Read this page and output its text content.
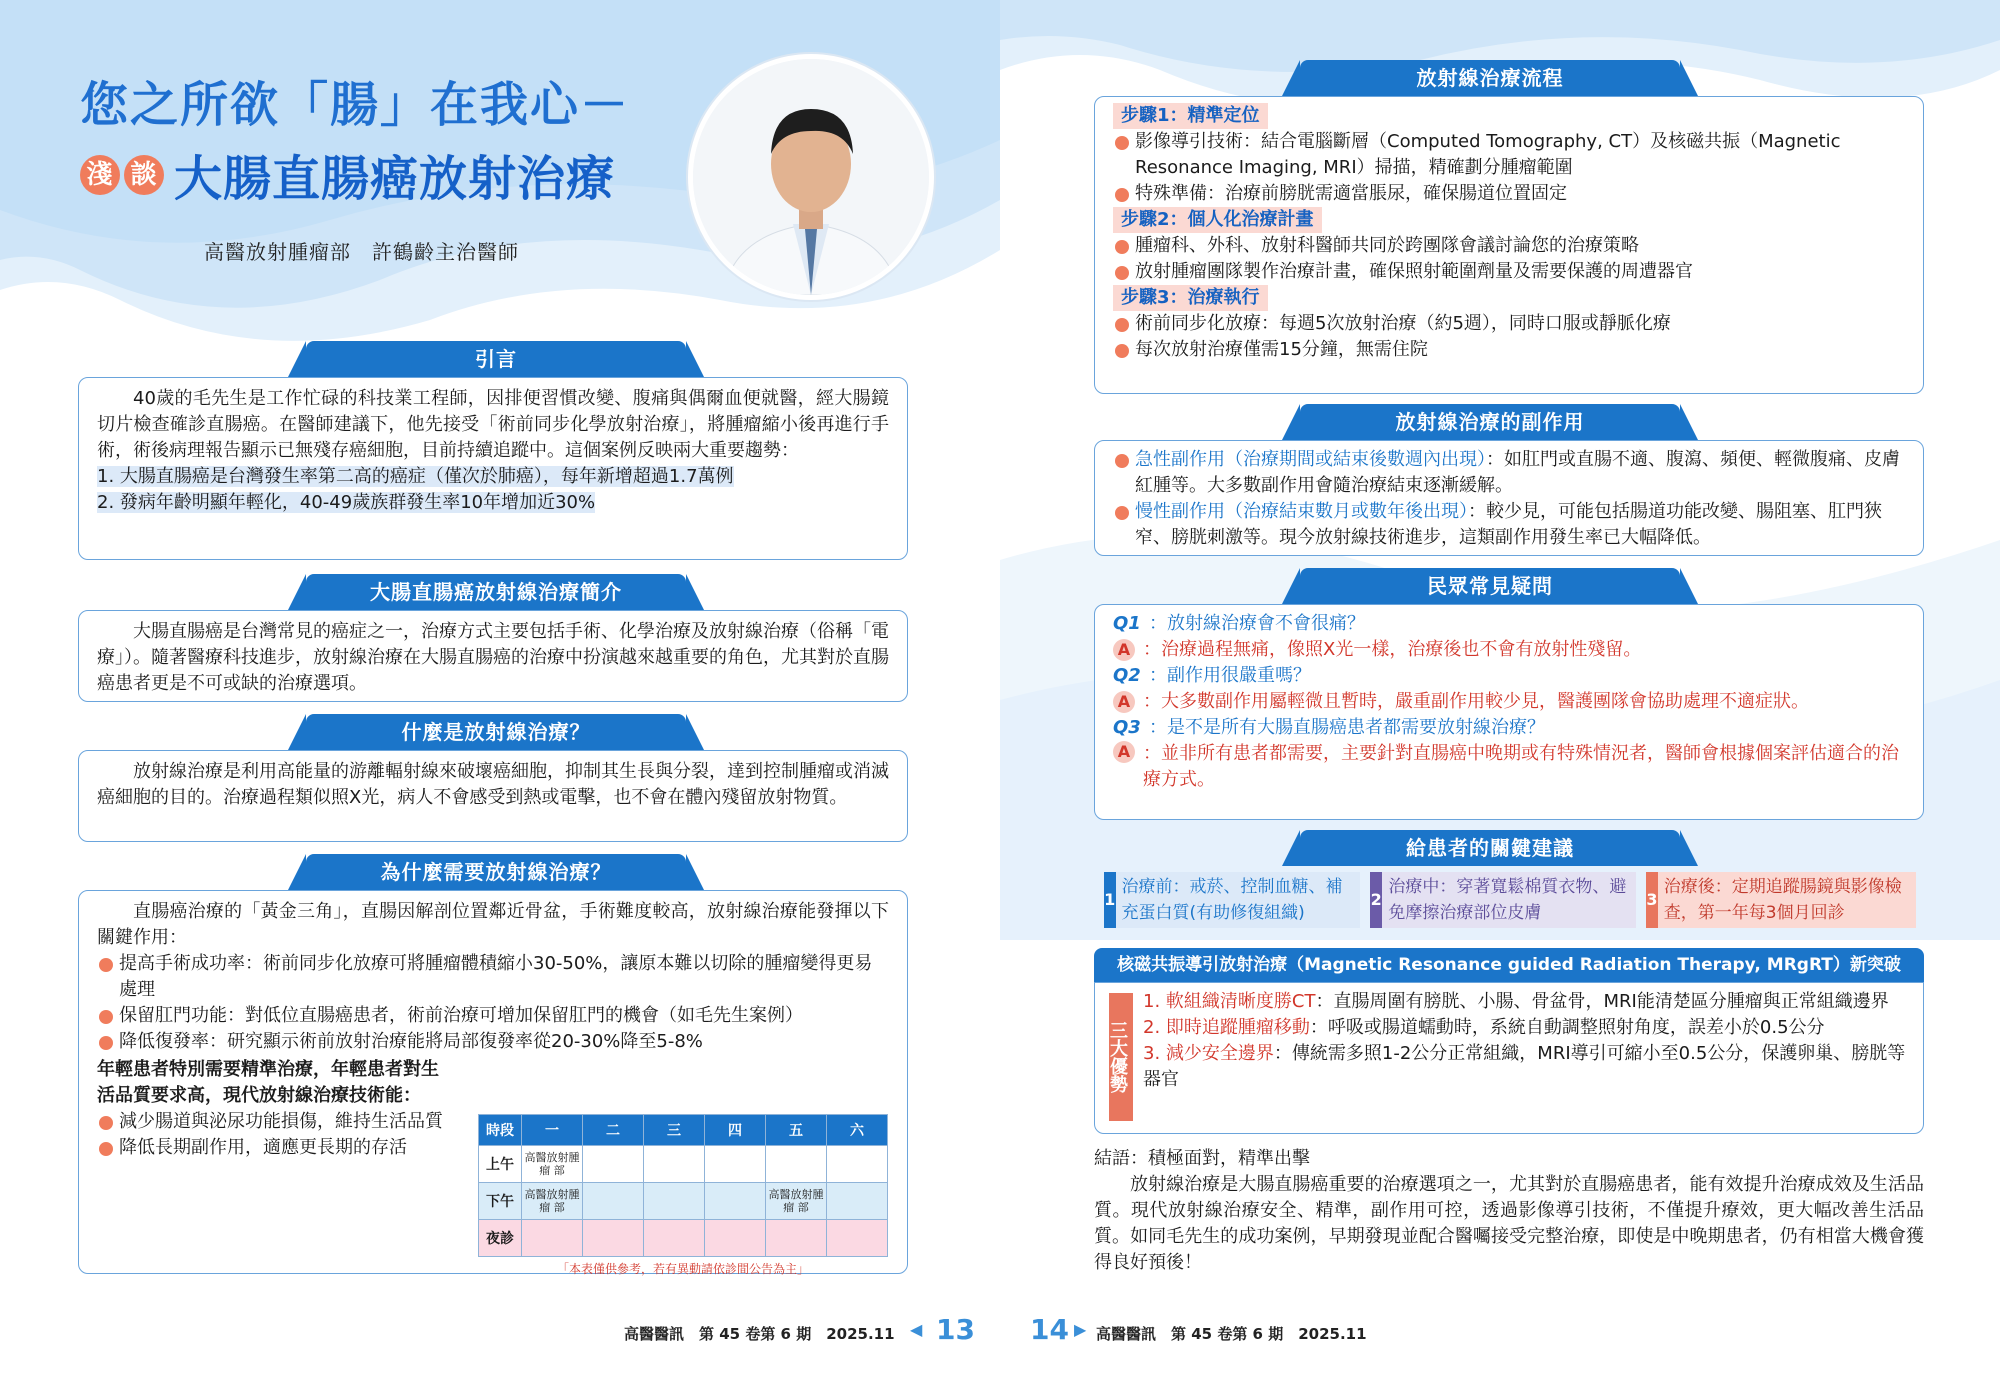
您之所欲「腸」在我心－
淺 談 大腸直腸癌放射治療
高醫放射腫瘤部　許鶴齡主治醫師
引言
40歲的毛先生是工作忙碌的科技業工程師，因排便習慣改變、腹痛與偶爾血便就醫，經大腸鏡切片檢查確診直腸癌。在醫師建議下，他先接受「術前同步化學放射治療」，將腫瘤縮小後再進行手術，術後病理報告顯示已無殘存癌細胞，目前持續追蹤中。這個案例反映兩大重要趨勢：
1. 大腸直腸癌是台灣發生率第二高的癌症（僅次於肺癌），每年新增超過1.7萬例
2. 發病年齡明顯年輕化，40-49歲族群發生率10年增加近30%
大腸直腸癌放射線治療簡介
大腸直腸癌是台灣常見的癌症之一，治療方式主要包括手術、化學治療及放射線治療（俗稱「電療」）。隨著醫療科技進步，放射線治療在大腸直腸癌的治療中扮演越來越重要的角色，尤其對於直腸癌患者更是不可或缺的治療選項。
什麼是放射線治療？
放射線治療是利用高能量的游離輻射線來破壞癌細胞，抑制其生長與分裂，達到控制腫瘤或消滅癌細胞的目的。治療過程類似照X光，病人不會感受到熱或電擊，也不會在體內殘留放射物質。
為什麼需要放射線治療？
直腸癌治療的「黃金三角」，直腸因解剖位置鄰近骨盆，手術難度較高，放射線治療能發揮以下關鍵作用：
提高手術成功率：術前同步化放療可將腫瘤體積縮小30-50%，讓原本難以切除的腫瘤變得更易處理
保留肛門功能：對低位直腸癌患者，術前治療可增加保留肛門的機會（如毛先生案例）
降低復發率：研究顯示術前放射治療能將局部復發率從20-30%降至5-8%
年輕患者特別需要精準治療，年輕患者對生活品質要求高，現代放射線治療技術能：
減少腸道與泌尿功能損傷，維持生活品質
降低長期副作用，適應更長期的存活
時段	一	二	三	四	五	六
上午	高醫放射腫 瘤 部					
下午	高醫放射腫 瘤 部				高醫放射腫 瘤 部	
夜診						
「本表僅供參考，若有異動請依診間公告為主」
高醫醫訊　第 45 卷第 6 期　2025.11 ◀ 13
放射線治療流程
步驟1：精準定位
影像導引技術：結合電腦斷層（Computed Tomography, CT）及核磁共振（Magnetic Resonance Imaging, MRI）掃描，精確劃分腫瘤範圍
特殊準備：治療前膀胱需適當脹尿，確保腸道位置固定
步驟2：個人化治療計畫
腫瘤科、外科、放射科醫師共同於跨團隊會議討論您的治療策略
放射腫瘤團隊製作治療計畫，確保照射範圍劑量及需要保護的周遭器官
步驟3：治療執行
術前同步化放療：每週5次放射治療（約5週），同時口服或靜脈化療
每次放射治療僅需15分鐘，無需住院
放射線治療的副作用
急性副作用（治療期間或結束後數週內出現）：如肛門或直腸不適、腹瀉、頻便、輕微腹痛、皮膚紅腫等。大多數副作用會隨治療結束逐漸緩解。
慢性副作用（治療結束數月或數年後出現）：較少見，可能包括腸道功能改變、腸阻塞、肛門狹窄、膀胱刺激等。現今放射線技術進步，這類副作用發生率已大幅降低。
民眾常見疑問
Q1 ：放射線治療會不會很痛？
A ：治療過程無痛，像照X光一樣，治療後也不會有放射性殘留。
Q2 ：副作用很嚴重嗎？
A ：大多數副作用屬輕微且暫時，嚴重副作用較少見，醫護團隊會協助處理不適症狀。
Q3 ：是不是所有大腸直腸癌患者都需要放射線治療？
A ：並非所有患者都需要，主要針對直腸癌中晚期或有特殊情況者，醫師會根據個案評估適合的治療方式。
給患者的關鍵建議
1
治療前：戒菸、控制血糖、補充蛋白質(有助修復組織)
2
治療中：穿著寬鬆棉質衣物、避免摩擦治療部位皮膚
3
治療後：定期追蹤腸鏡與影像檢查，第一年每3個月回診
核磁共振導引放射治療（Magnetic Resonance guided Radiation Therapy, MRgRT）新突破
三大優勢
1. 軟組織清晰度勝CT：直腸周圍有膀胱、小腸、骨盆骨，MRI能清楚區分腫瘤與正常組織邊界
2. 即時追蹤腫瘤移動：呼吸或腸道蠕動時，系統自動調整照射角度，誤差小於0.5公分
3. 減少安全邊界：傳統需多照1-2公分正常組織，MRI導引可縮小至0.5公分，保護卵巢、膀胱等器官
結語：積極面對，精準出擊
放射線治療是大腸直腸癌重要的治療選項之一，尤其對於直腸癌患者，能有效提升治療成效及生活品質。現代放射線治療安全、精準，副作用可控，透過影像導引技術，不僅提升療效，更大幅改善生活品質。如同毛先生的成功案例，早期發現並配合醫囑接受完整治療，即使是中晚期患者，仍有相當大機會獲得良好預後！
14 ▶ 高醫醫訊　第 45 卷第 6 期　2025.11
